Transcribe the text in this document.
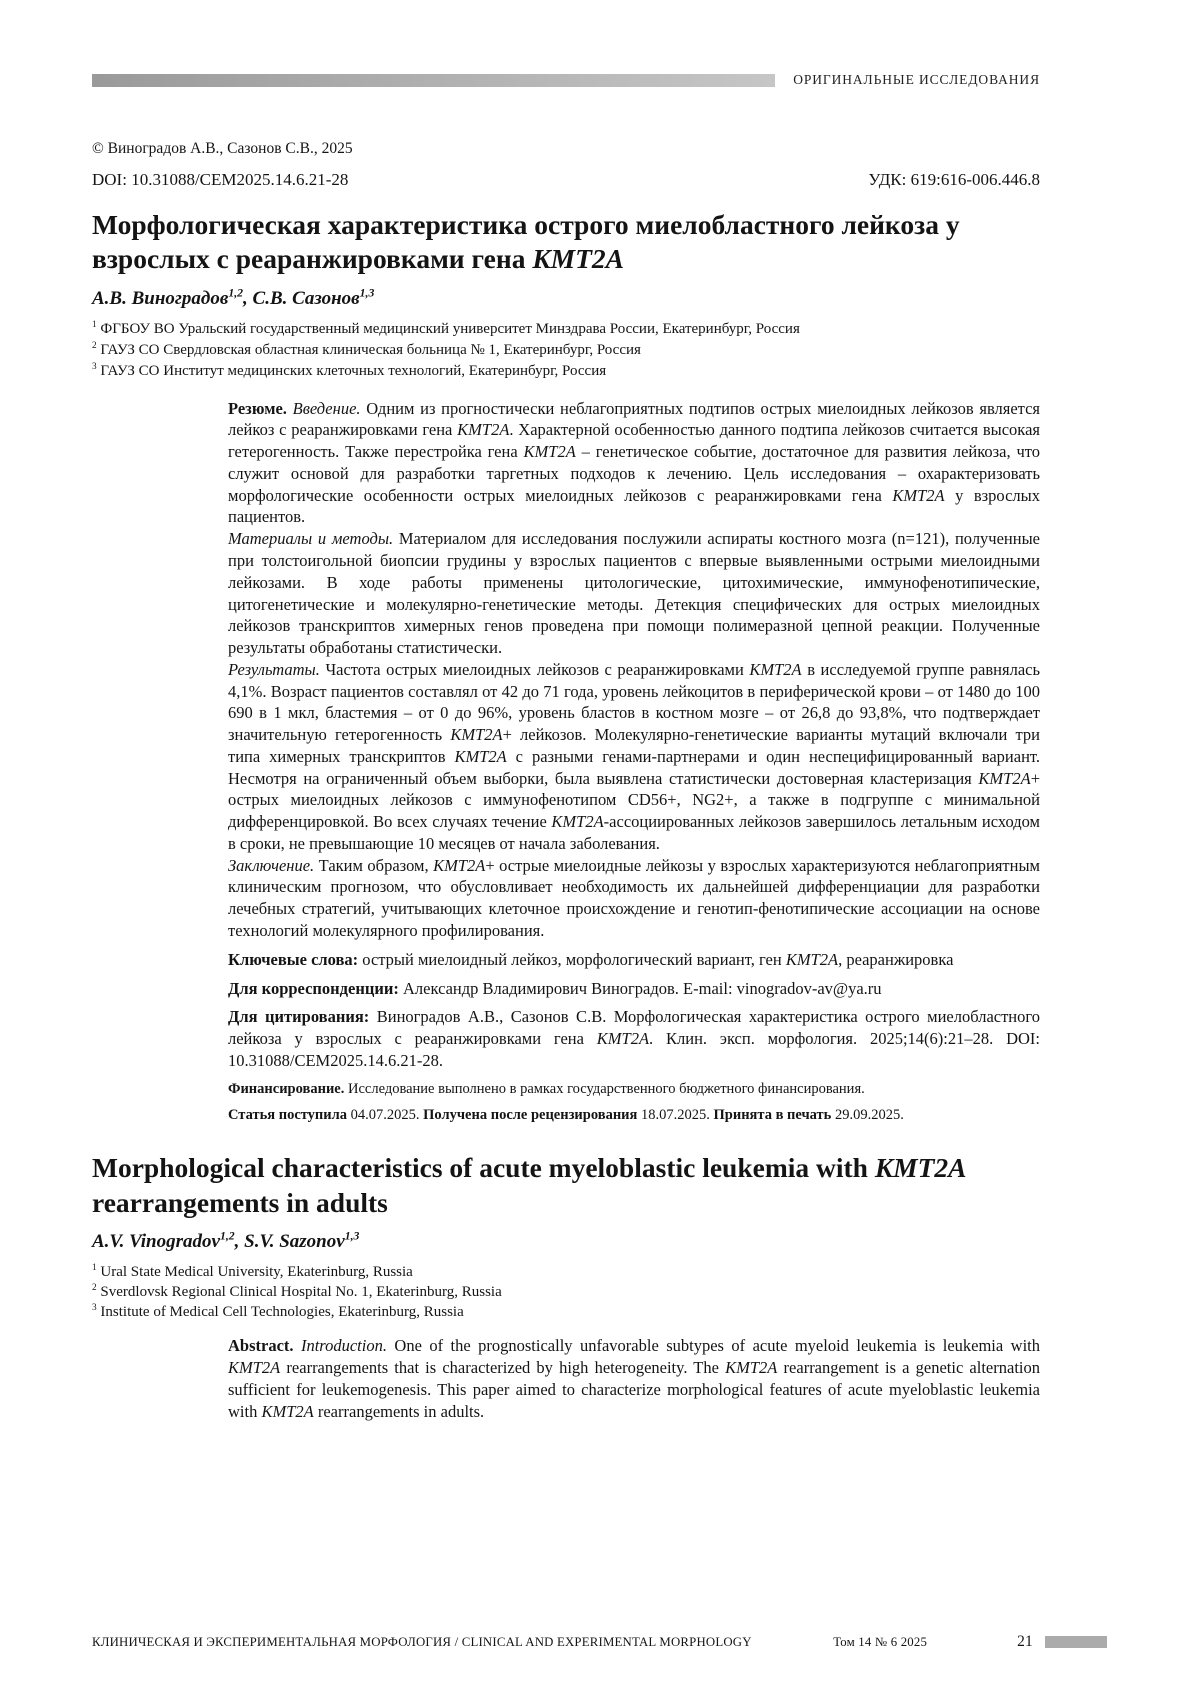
ОРИГИНАЛЬНЫЕ ИССЛЕДОВАНИЯ
© Виноградов А.В., Сазонов С.В., 2025
DOI: 10.31088/CEM2025.14.6.21-28	УДК: 619:616-006.446.8
Морфологическая характеристика острого миелобластного лейкоза у взрослых с реаранжировками гена KMT2A
А.В. Виноградов$^{1,2}$, С.В. Сазонов$^{1,3}$
$^1$ ФГБОУ ВО Уральский государственный медицинский университет Минздрава России, Екатеринбург, Россия
$^2$ ГАУЗ СО Свердловская областная клиническая больница № 1, Екатеринбург, Россия
$^3$ ГАУЗ СО Институт медицинских клеточных технологий, Екатеринбург, Россия

Резюме. Введение. Одним из прогностически неблагоприятных подтипов острых миелоидных лейкозов является лейкоз с реаранжировками гена KMT2A. Характерной особенностью данного подтипа лейкозов считается высокая гетерогенность. Также перестройка гена KMT2A – генетическое событие, достаточное для развития лейкоза, что служит основой для разработки таргетных подходов к лечению. Цель исследования – охарактеризовать морфологические особенности острых миелоидных лейкозов с реаранжировками гена KMT2A у взрослых пациентов.

Материалы и методы. Материалом для исследования послужили аспираты костного мозга (n=121), полученные при толстоигольной биопсии грудины у взрослых пациентов с впервые выявленными острыми миелоидными лейкозами. В ходе работы применены цитологические, цитохимические, иммунофенотипические, цитогенетические и молекулярно-генетические методы. Детекция специфических для острых миелоидных лейкозов транскриптов химерных генов проведена при помощи полимеразной цепной реакции. Полученные результаты обработаны статистически.

Результаты. Частота острых миелоидных лейкозов с реаранжировками KMT2A в исследуемой группе равнялась 4,1%. Возраст пациентов составлял от 42 до 71 года, уровень лейкоцитов в периферической крови – от 1480 до 100 690 в 1 мкл, бластемия – от 0 до 96%, уровень бластов в костном мозге – от 26,8 до 93,8%, что подтверждает значительную гетерогенность KMT2A+ лейкозов. Молекулярно-генетические варианты мутаций включали три типа химерных транскриптов KMT2A с разными генами-партнерами и один неспецифицированный вариант. Несмотря на ограниченный объем выборки, была выявлена статистически достоверная кластеризация KMT2A+ острых миелоидных лейкозов с иммунофенотипом CD56+, NG2+, а также в подгруппе с минимальной дифференцировкой. Во всех случаях течение KMT2A-ассоциированных лейкозов завершилось летальным исходом в сроки, не превышающие 10 месяцев от начала заболевания.

Заключение. Таким образом, KMT2A+ острые миелоидные лейкозы у взрослых характеризуются неблагоприятным клиническим прогнозом, что обусловливает необходимость их дальнейшей дифференциации для разработки лечебных стратегий, учитывающих клеточное происхождение и генотип-фенотипические ассоциации на основе технологий молекулярного профилирования.

Ключевые слова: острый миелоидный лейкоз, морфологический вариант, ген KMT2A, реаранжировка

Для корреспонденции: Александр Владимирович Виноградов. E-mail: vinogradov-av@ya.ru

Для цитирования: Виноградов А.В., Сазонов С.В. Морфологическая характеристика острого миелобластного лейкоза у взрослых с реаранжировками гена KMT2A. Клин. эксп. морфология. 2025;14(6):21–28. DOI: 10.31088/CEM2025.14.6.21-28.

Финансирование. Исследование выполнено в рамках государственного бюджетного финансирования.

Статья поступила 04.07.2025. Получена после рецензирования 18.07.2025. Принята в печать 29.09.2025.

Morphological characteristics of acute myeloblastic leukemia with KMT2A rearrangements in adults
A.V. Vinogradov$^{1,2}$, S.V. Sazonov$^{1,3}$
$^1$ Ural State Medical University, Ekaterinburg, Russia
$^2$ Sverdlovsk Regional Clinical Hospital No. 1, Ekaterinburg, Russia
$^3$ Institute of Medical Cell Technologies, Ekaterinburg, Russia

Abstract. Introduction. One of the prognostically unfavorable subtypes of acute myeloid leukemia is leukemia with KMT2A rearrangements that is characterized by high heterogeneity. The KMT2A rearrangement is a genetic alternation sufficient for leukemogenesis. This paper aimed to characterize morphological features of acute myeloblastic leukemia with KMT2A rearrangements in adults.

КЛИНИЧЕСКАЯ И ЭКСПЕРИМЕНТАЛЬНАЯ МОРФОЛОГИЯ / CLINICAL AND EXPERIMENTAL MORPHOLOGY	Том 14 № 6 2025	21
